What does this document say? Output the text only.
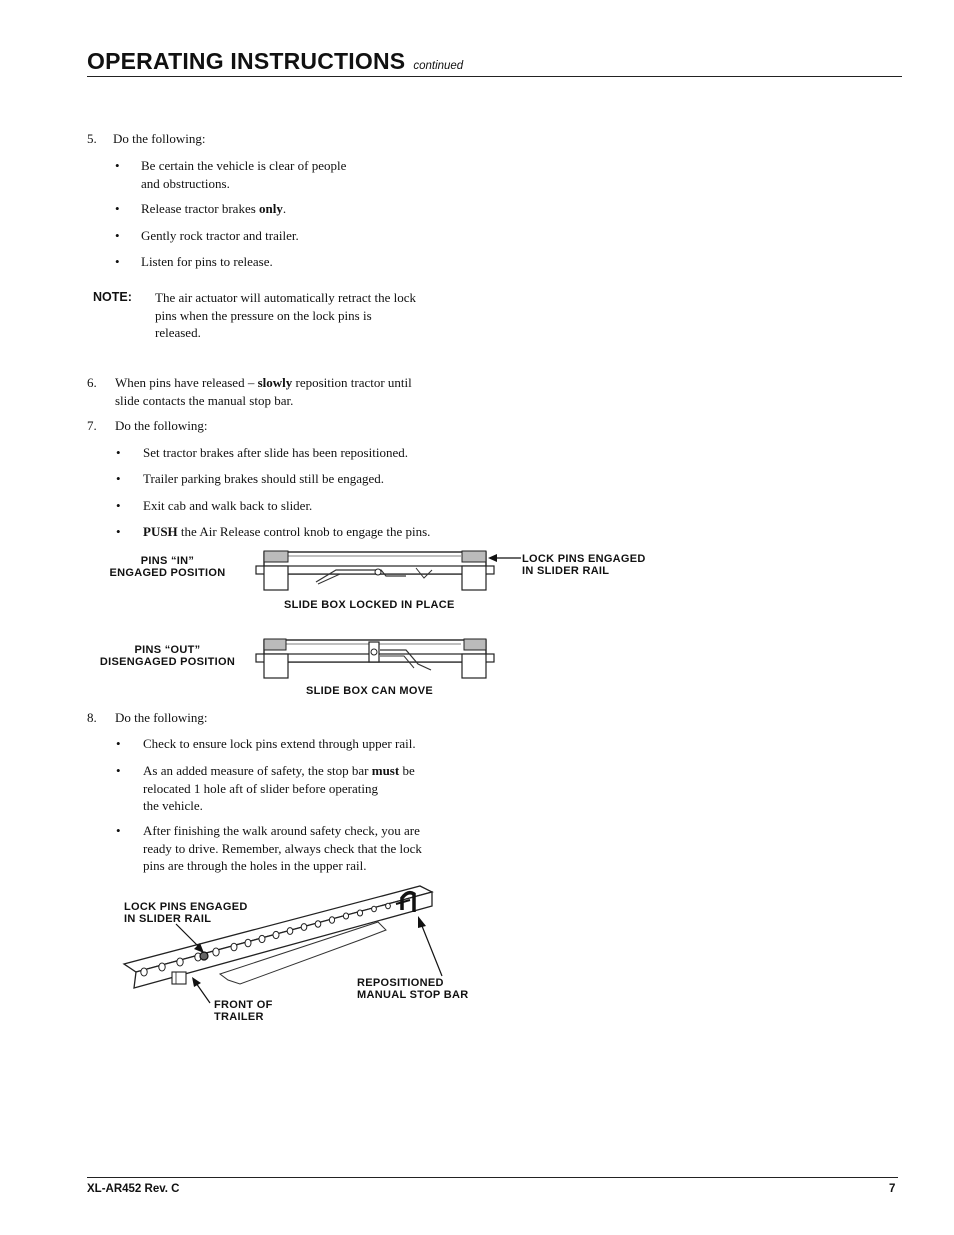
OPERATING INSTRUCTIONS continued
5. Do the following:
• Be certain the vehicle is clear of people
and obstructions.
• Release tractor brakes only.
• Gently rock tractor and trailer.
• Listen for pins to release.
NOTE: The air actuator will automatically retract the lock
pins when the pressure on the lock pins is
released.
6. When pins have released – slowly reposition tractor until
slide contacts the manual stop bar.
7. Do the following:
• Set tractor brakes after slide has been repositioned.
• Trailer parking brakes should still be engaged.
• Exit cab and walk back to slider.
• PUSH the Air Release control knob to engage the pins.
PINS “IN”
ENGAGED POSITION
LOCK PINS ENGAGED
IN SLIDER RAIL
SLIDE BOX LOCKED IN PLACE
PINS “OUT”
DISENGAGED POSITION
SLIDE BOX CAN MOVE
8. Do the following:
• Check to ensure lock pins extend through upper rail.
• As an added measure of safety, the stop bar must be
relocated 1 hole aft of slider before operating
the vehicle.
• After finishing the walk around safety check, you are
ready to drive. Remember, always check that the lock
pins are through the holes in the upper rail.
LOCK PINS ENGAGED
IN SLIDER RAIL
FRONT OF
TRAILER
REPOSITIONED
MANUAL STOP BAR
XL-AR452 Rev. C	7
